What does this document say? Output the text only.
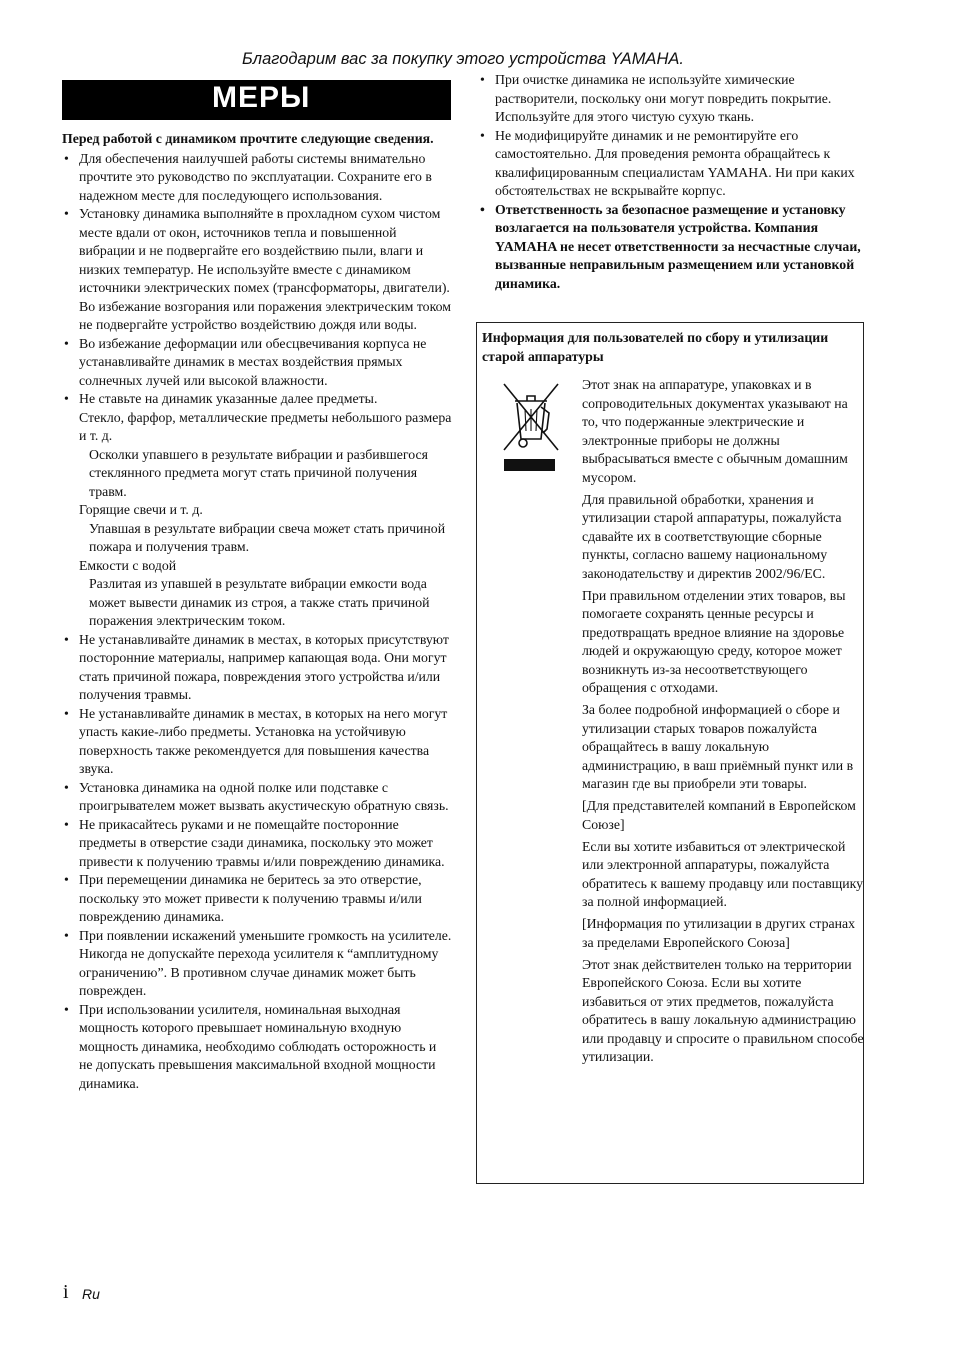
Благодарим вас за покупку этого устройства YAMAHA.
МЕРЫ

Перед работой с динамиком прочтите следующие сведения.

• Для обеспечения наилучшей работы системы внимательно прочтите это руководство по эксплуатации. Сохраните его в надежном месте для последующего использования.
• Установку динамика выполняйте в прохладном сухом чистом месте вдали от окон, источников тепла и повышенной вибрации и не подвергайте его воздействию пыли, влаги и низких температур. Не используйте вместе с динамиком источники электрических помех (трансформаторы, двигатели). Во избежание возгорания или поражения электрическим током не подвергайте устройство воздействию дождя или воды.
• Во избежание деформации или обесцвечивания корпуса не устанавливайте динамик в местах воздействия прямых солнечных лучей или высокой влажности.
• Не ставьте на динамик указанные далее предметы.
Стекло, фарфор, металлические предметы небольшого размера и т. д.
Осколки упавшего в результате вибрации и разбившегося стеклянного предмета могут стать причиной получения травм.
Горящие свечи и т. д.
Упавшая в результате вибрации свеча может стать причиной пожара и получения травм.
Емкости с водой
Разлитая из упавшей в результате вибрации емкости вода может вывести динамик из строя, а также стать причиной поражения электрическим током.
• Не устанавливайте динамик в местах, в которых присутствуют посторонние материалы, например капающая вода. Они могут стать причиной пожара, повреждения этого устройства и/или получения травмы.
• Не устанавливайте динамик в местах, в которых на него могут упасть какие-либо предметы. Установка на устойчивую поверхность также рекомендуется для повышения качества звука.
• Установка динамика на одной полке или подставке с проигрывателем может вызвать акустическую обратную связь.
• Не прикасайтесь руками и не помещайте посторонние предметы в отверстие сзади динамика, поскольку это может привести к получению травмы и/или повреждению динамика.
• При перемещении динамика не беритесь за это отверстие, поскольку это может привести к получению травмы и/или повреждению динамика.
• При появлении искажений уменьшите громкость на усилителе. Никогда не допускайте перехода усилителя к “амплитудному ограничению”. В противном случае динамик может быть поврежден.
• При использовании усилителя, номинальная выходная мощность которого превышает номинальную входную мощность динамика, необходимо соблюдать осторожность и не допускать превышения максимальной входной мощности динамика.
• При очистке динамика не используйте химические растворители, поскольку они могут повредить покрытие. Используйте для этого чистую сухую ткань.
• Не модифицируйте динамик и не ремонтируйте его самостоятельно. Для проведения ремонта обращайтесь к квалифицированным специалистам YAMAHA. Ни при каких обстоятельствах не вскрывайте корпус.
• Ответственность за безопасное размещение и установку возлагается на пользователя устройства. Компания YAMAHA не несет ответственности за несчастные случаи, вызванные неправильным размещением или установкой динамика.
Информация для пользователей по сбору и утилизации старой аппаратуры

Этот знак на аппаратуре, упаковках и в сопроводительных документах указывают на то, что подержанные электрические и электронные приборы не должны выбрасываться вместе с обычным домашним мусором.

Для правильной обработки, хранения и утилизации старой аппаратуры, пожалуйста сдавайте их в соответствующие сборные пункты, согласно вашему национальному законодательству и директив 2002/96/EC.

При правильном отделении этих товаров, вы помогаете сохранять ценные ресурсы и предотвращать вредное влияние на здоровье людей и окружающую среду, которое может возникнуть из-за несоответствующего обращения с отходами.

За более подробной информацией о сборе и утилизации старых товаров пожалуйста обращайтесь в вашу локальную администрацию, в ваш приёмный пункт или в магазин где вы приобрели эти товары.

[Для представителей компаний в Европейском Союзе]

Если вы хотите избавиться от электрической или электронной аппаратуры, пожалуйста обратитесь к вашему продавцу или поставщику за полной информацией.

[Информация по утилизации в других странах за пределами Европейского Союза]

Этот знак действителен только на территории Европейского Союза. Если вы хотите избавиться от этих предметов, пожалуйста обратитесь в вашу локальную администрацию или продавцу и спросите о правильном способе утилизации.

i Ru
